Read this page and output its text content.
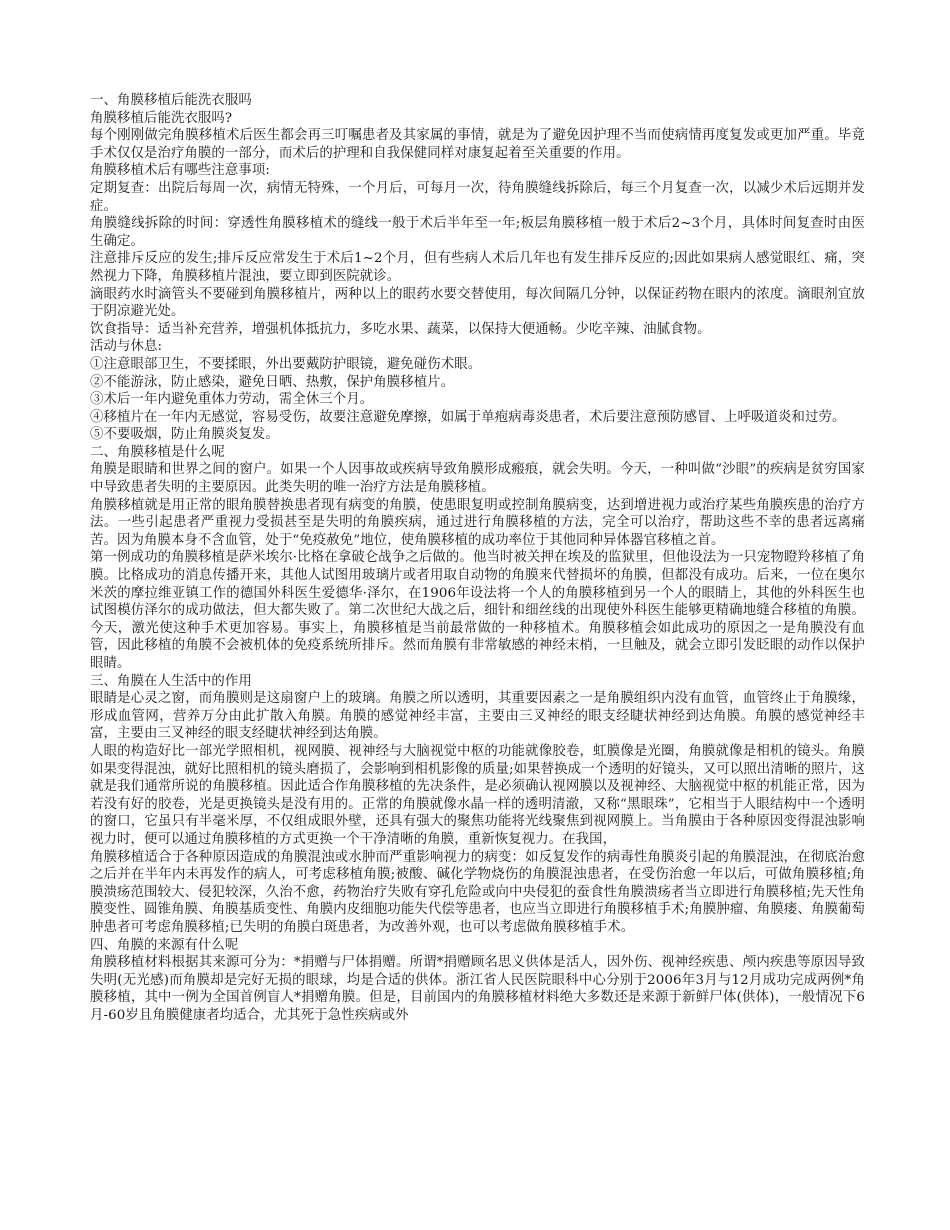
一、角膜移植后能洗衣服吗

角膜移植后能洗衣服吗?

每个刚刚做完角膜移植术后医生都会再三叮嘱患者及其家属的事情，就是为了避免因护理不当而使病情再度复发或更加严重。毕竟手术仅仅是治疗角膜的一部分，而术后的护理和自我保健同样对康复起着至关重要的作用。

角膜移植术后有哪些注意事项:

定期复查：出院后每周一次，病情无特殊，一个月后，可每月一次，待角膜缝线拆除后，每三个月复查一次，以减少术后远期并发症。

角膜缝线拆除的时间：穿透性角膜移植术的缝线一般于术后半年至一年;板层角膜移植一般于术后2~3个月，具体时间复查时由医生确定。

注意排斥反应的发生;排斥反应常发生于术后1~2个月，但有些病人术后几年也有发生排斥反应的;因此如果病人感觉眼红、痛，突然视力下降，角膜移植片混浊，要立即到医院就诊。

滴眼药水时滴管头不要碰到角膜移植片，两种以上的眼药水要交替使用，每次间隔几分钟，以保证药物在眼内的浓度。滴眼剂宜放于阴凉避光处。

饮食指导：适当补充营养，增强机体抵抗力，多吃水果、蔬菜，以保持大便通畅。少吃辛辣、油腻食物。

活动与休息:

①注意眼部卫生，不要揉眼，外出要戴防护眼镜，避免碰伤术眼。

②不能游泳，防止感染，避免日晒、热敷，保护角膜移植片。

③术后一年内避免重体力劳动，需全休三个月。

④移植片在一年内无感觉，容易受伤，故要注意避免摩擦，如属于单疱病毒炎患者，术后要注意预防感冒、上呼吸道炎和过劳。

⑤不要吸烟，防止角膜炎复发。

二、角膜移植是什么呢

角膜是眼睛和世界之间的窗户。如果一个人因事故或疾病导致角膜形成瘢痕，就会失明。今天，一种叫做“沙眼”的疾病是贫穷国家中导致患者失明的主要原因。此类失明的唯一治疗方法是角膜移植。

角膜移植就是用正常的眼角膜替换患者现有病变的角膜，使患眼复明或控制角膜病变，达到增进视力或治疗某些角膜疾患的治疗方法。一些引起患者严重视力受损甚至是失明的角膜疾病，通过进行角膜移植的方法，完全可以治疗，帮助这些不幸的患者远离痛苦。因为角膜本身不含血管，处于“免疫赦免”地位，使角膜移植的成功率位于其他同种异体器官移植之首。

第一例成功的角膜移植是萨米埃尔·比格在拿破仑战争之后做的。他当时被关押在埃及的监狱里，但他设法为一只宠物瞪羚移植了角膜。比格成功的消息传播开来，其他人试图用玻璃片或者用取自动物的角膜来代替损坏的角膜，但都没有成功。后来，一位在奥尔米茨的摩拉维亚镇工作的德国外科医生爱德华·泽尔，在1906年设法将一个人的角膜移植到另一个人的眼睛上，其他的外科医生也试图模仿泽尔的成功做法，但大都失败了。第二次世纪大战之后，细针和细丝线的出现使外科医生能够更精确地缝合移植的角膜。今天，激光使这种手术更加容易。事实上，角膜移植是当前最常做的一种移植术。角膜移植会如此成功的原因之一是角膜没有血管，因此移植的角膜不会被机体的免疫系统所排斥。然而角膜有非常敏感的神经末梢，一旦触及，就会立即引发眨眼的动作以保护眼睛。

三、角膜在人生活中的作用

眼睛是心灵之窗，而角膜则是这扇窗户上的玻璃。角膜之所以透明，其重要因素之一是角膜组织内没有血管，血管终止于角膜缘，形成血管网，营养万分由此扩散入角膜。角膜的感觉神经丰富，主要由三叉神经的眼支经睫状神经到达角膜。角膜的感觉神经丰富，主要由三叉神经的眼支经睫状神经到达角膜。

人眼的构造好比一部光学照相机，视网膜、视神经与大脑视觉中枢的功能就像胶卷，虹膜像是光圈，角膜就像是相机的镜头。角膜如果变得混浊，就好比照相机的镜头磨损了，会影响到相机影像的质量;如果替换成一个透明的好镜头，又可以照出清晰的照片，这就是我们通常所说的角膜移植。因此适合作角膜移植的先决条件，是必须确认视网膜以及视神经、大脑视觉中枢的机能正常，因为若没有好的胶卷，光是更换镜头是没有用的。正常的角膜就像水晶一样的透明清澈，又称“黑眼珠”，它相当于人眼结构中一个透明的窗口，它虽只有半毫米厚，不仅组成眼外壁，还具有强大的聚焦功能将光线聚焦到视网膜上。当角膜由于各种原因变得混浊影响视力时，便可以通过角膜移植的方式更换一个干净清晰的角膜，重新恢复视力。在我国，

角膜移植适合于各种原因造成的角膜混浊或水肿而严重影响视力的病变：如反复发作的病毒性角膜炎引起的角膜混浊，在彻底治愈之后并在半年内未再发作的病人，可考虑移植角膜;被酸、碱化学物烧伤的角膜混浊患者，在受伤治愈一年以后，可做角膜移植;角膜溃疡范围较大、侵犯较深，久治不愈，药物治疗失败有穿孔危险或向中央侵犯的蚕食性角膜溃疡者当立即进行角膜移植;先天性角膜变性、圆锥角膜、角膜基质变性、角膜内皮细胞功能失代偿等患者，也应当立即进行角膜移植手术;角膜肿瘤、角膜瘘、角膜葡萄肿患者可考虑角膜移植;已失明的角膜白斑患者，为改善外观，也可以考虑做角膜移植手术。

四、角膜的来源有什么呢

角膜移植材料根据其来源可分为：*捐赠与尸体捐赠。所谓*捐赠顾名思义供体是活人，因外伤、视神经疾患、颅内疾患等原因导致失明(无光感)而角膜却是完好无损的眼球，均是合适的供体。浙江省人民医院眼科中心分别于2006年3月与12月成功完成两例*角膜移植，其中一例为全国首例盲人*捐赠角膜。但是，目前国内的角膜移植材料绝大多数还是来源于新鲜尸体(供体)，一般情况下6月-60岁且角膜健康者均适合，尤其死于急性疾病或外
